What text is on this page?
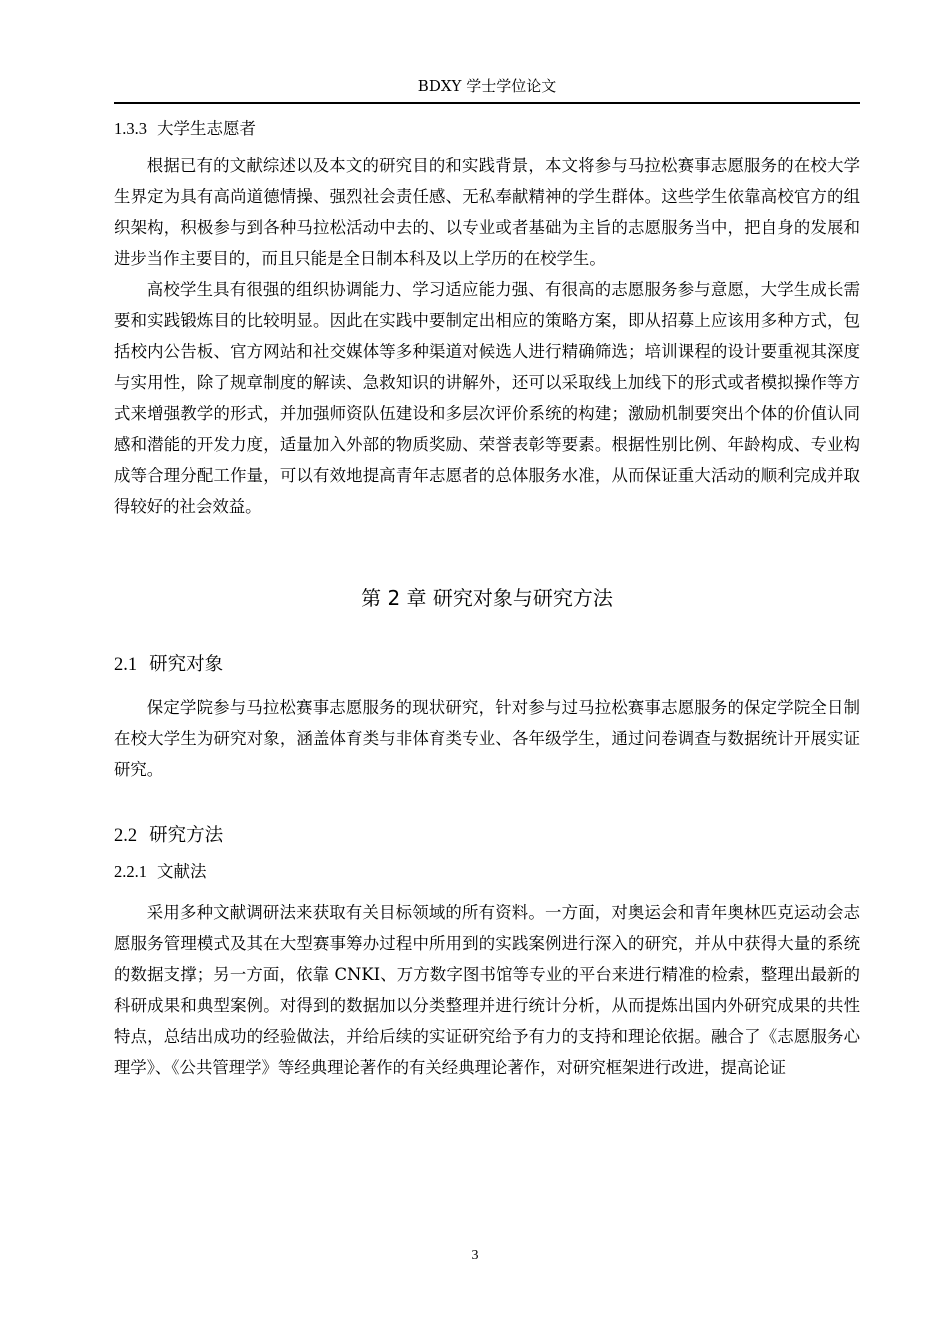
BDXY 学士学位论文
1.3.3 大学生志愿者

根据已有的文献综述以及本文的研究目的和实践背景，本文将参与马拉松赛事志愿服务的在校大学生界定为具有高尚道德情操、强烈社会责任感、无私奉献精神的学生群体。这些学生依靠高校官方的组织架构，积极参与到各种马拉松活动中去的、以专业或者基础为主旨的志愿服务当中，把自身的发展和进步当作主要目的，而且只能是全日制本科及以上学历的在校学生。

高校学生具有很强的组织协调能力、学习适应能力强、有很高的志愿服务参与意愿，大学生成长需要和实践锻炼目的比较明显。因此在实践中要制定出相应的策略方案，即从招募上应该用多种方式，包括校内公告板、官方网站和社交媒体等多种渠道对候选人进行精确筛选；培训课程的设计要重视其深度与实用性，除了规章制度的解读、急救知识的讲解外，还可以采取线上加线下的形式或者模拟操作等方式来增强教学的形式，并加强师资队伍建设和多层次评价系统的构建；激励机制要突出个体的价值认同感和潜能的开发力度，适量加入外部的物质奖励、荣誉表彰等要素。根据性别比例、年龄构成、专业构成等合理分配工作量，可以有效地提高青年志愿者的总体服务水准，从而保证重大活动的顺利完成并取得较好的社会效益。

第 2 章 研究对象与研究方法
2.1 研究对象

保定学院参与马拉松赛事志愿服务的现状研究，针对参与过马拉松赛事志愿服务的保定学院全日制在校大学生为研究对象，涵盖体育类与非体育类专业、各年级学生，通过问卷调查与数据统计开展实证研究。

2.2 研究方法
2.2.1 文献法

采用多种文献调研法来获取有关目标领域的所有资料。一方面，对奥运会和青年奥林匹克运动会志愿服务管理模式及其在大型赛事筹办过程中所用到的实践案例进行深入的研究，并从中获得大量的系统的数据支撑；另一方面，依靠 CNKI、万方数字图书馆等专业的平台来进行精准的检索，整理出最新的科研成果和典型案例。对得到的数据加以分类整理并进行统计分析，从而提炼出国内外研究成果的共性特点，总结出成功的经验做法，并给后续的实证研究给予有力的支持和理论依据。融合了《志愿服务心理学》、《公共管理学》等经典理论著作的有关经典理论著作，对研究框架进行改进，提高论证

3
